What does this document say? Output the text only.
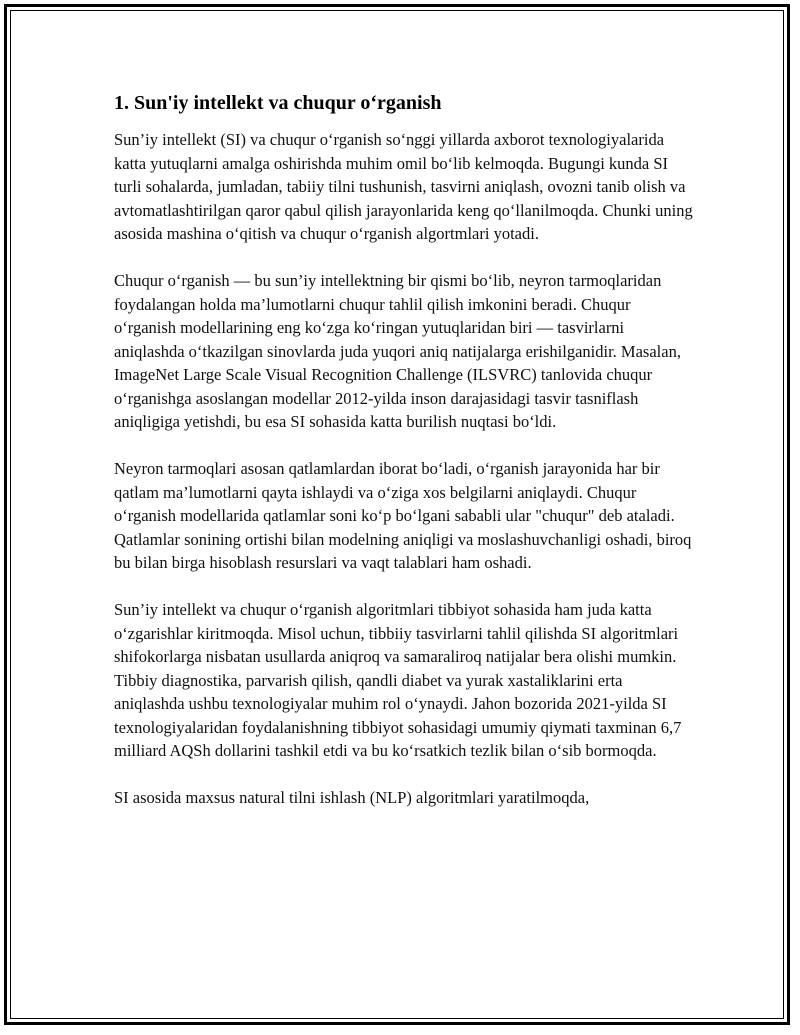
1. Sun'iy intellekt va chuqur o‘rganish

Sun’iy intellekt (SI) va chuqur o‘rganish so‘nggi yillarda axborot texnologiyalarida katta yutuqlarni amalga oshirishda muhim omil bo‘lib kelmoqda. Bugungi kunda SI turli sohalarda, jumladan, tabiiy tilni tushunish, tasvirni aniqlash, ovozni tanib olish va avtomatlashtirilgan qaror qabul qilish jarayonlarida keng qo‘llanilmoqda. Chunki uning asosida mashina o‘qitish va chuqur o‘rganish algortmlari yotadi.

Chuqur o‘rganish — bu sun’iy intellektning bir qismi bo‘lib, neyron tarmoqlaridan foydalangan holda ma’lumotlarni chuqur tahlil qilish imkonini beradi. Chuqur o‘rganish modellarining eng ko‘zga ko‘ringan yutuqlaridan biri — tasvirlarni aniqlashda o‘tkazilgan sinovlarda juda yuqori aniq natijalarga erishilganidir. Masalan, ImageNet Large Scale Visual Recognition Challenge (ILSVRC) tanlovida chuqur o‘rganishga asoslangan modellar 2012-yilda inson darajasidagi tasvir tasniflash aniqligiga yetishdi, bu esa SI sohasida katta burilish nuqtasi bo‘ldi.

Neyron tarmoqlari asosan qatlamlardan iborat bo‘ladi, o‘rganish jarayonida har bir qatlam ma’lumotlarni qayta ishlaydi va o‘ziga xos belgilarni aniqlaydi. Chuqur o‘rganish modellarida qatlamlar soni ko‘p bo‘lgani sababli ular "chuqur" deb ataladi. Qatlamlar sonining ortishi bilan modelning aniqligi va moslashuvchanligi oshadi, biroq bu bilan birga hisoblash resurslari va vaqt talablari ham oshadi.

Sun’iy intellekt va chuqur o‘rganish algoritmlari tibbiyot sohasida ham juda katta o‘zgarishlar kiritmoqda. Misol uchun, tibbiiy tasvirlarni tahlil qilishda SI algoritmlari shifokorlarga nisbatan usullarda aniqroq va samaraliroq natijalar bera olishi mumkin. Tibbiy diagnostika, parvarish qilish, qandli diabet va yurak xastaliklarini erta aniqlashda ushbu texnologiyalar muhim rol o‘ynaydi. Jahon bozorida 2021-yilda SI texnologiyalaridan foydalanishning tibbiyot sohasidagi umumiy qiymati taxminan 6,7 milliard AQSh dollarini tashkil etdi va bu ko‘rsatkich tezlik bilan o‘sib bormoqda.

SI asosida maxsus natural tilni ishlash (NLP) algoritmlari yaratilmoqda,
